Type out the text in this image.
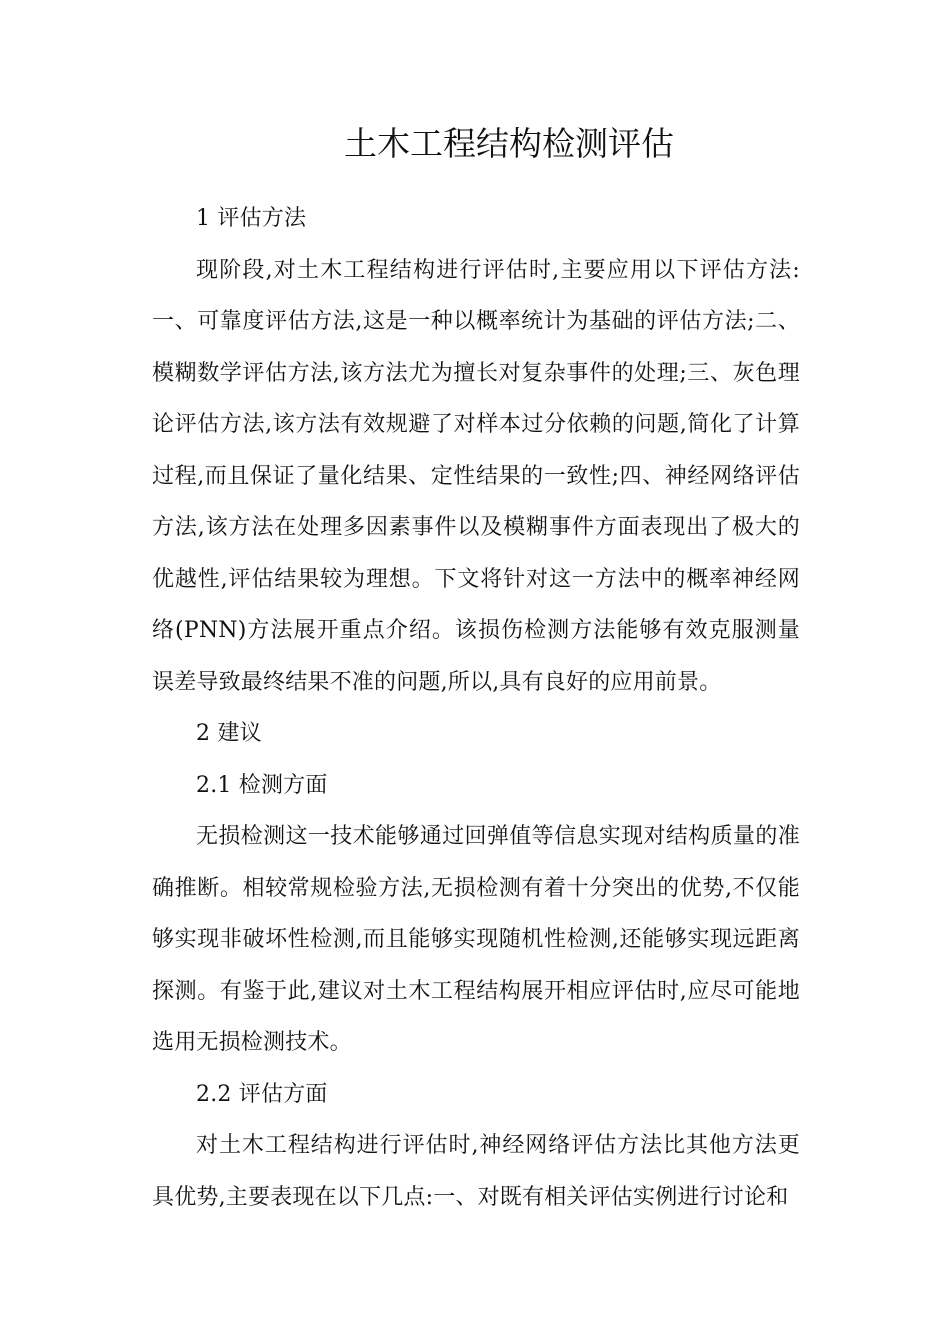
土木工程结构检测评估

1 评估方法

现阶段,对土木工程结构进行评估时,主要应用以下评估方法:一、可靠度评估方法,这是一种以概率统计为基础的评估方法;二、模糊数学评估方法,该方法尤为擅长对复杂事件的处理;三、灰色理论评估方法,该方法有效规避了对样本过分依赖的问题,简化了计算过程,而且保证了量化结果、定性结果的一致性;四、神经网络评估方法,该方法在处理多因素事件以及模糊事件方面表现出了极大的优越性,评估结果较为理想。下文将针对这一方法中的概率神经网络(PNN)方法展开重点介绍。该损伤检测方法能够有效克服测量误差导致最终结果不准的问题,所以,具有良好的应用前景。

2 建议

2.1 检测方面

无损检测这一技术能够通过回弹值等信息实现对结构质量的准确推断。相较常规检验方法,无损检测有着十分突出的优势,不仅能够实现非破坏性检测,而且能够实现随机性检测,还能够实现远距离探测。有鉴于此,建议对土木工程结构展开相应评估时,应尽可能地选用无损检测技术。

2.2 评估方面

对土木工程结构进行评估时,神经网络评估方法比其他方法更具优势,主要表现在以下几点:一、对既有相关评估实例进行讨论和
